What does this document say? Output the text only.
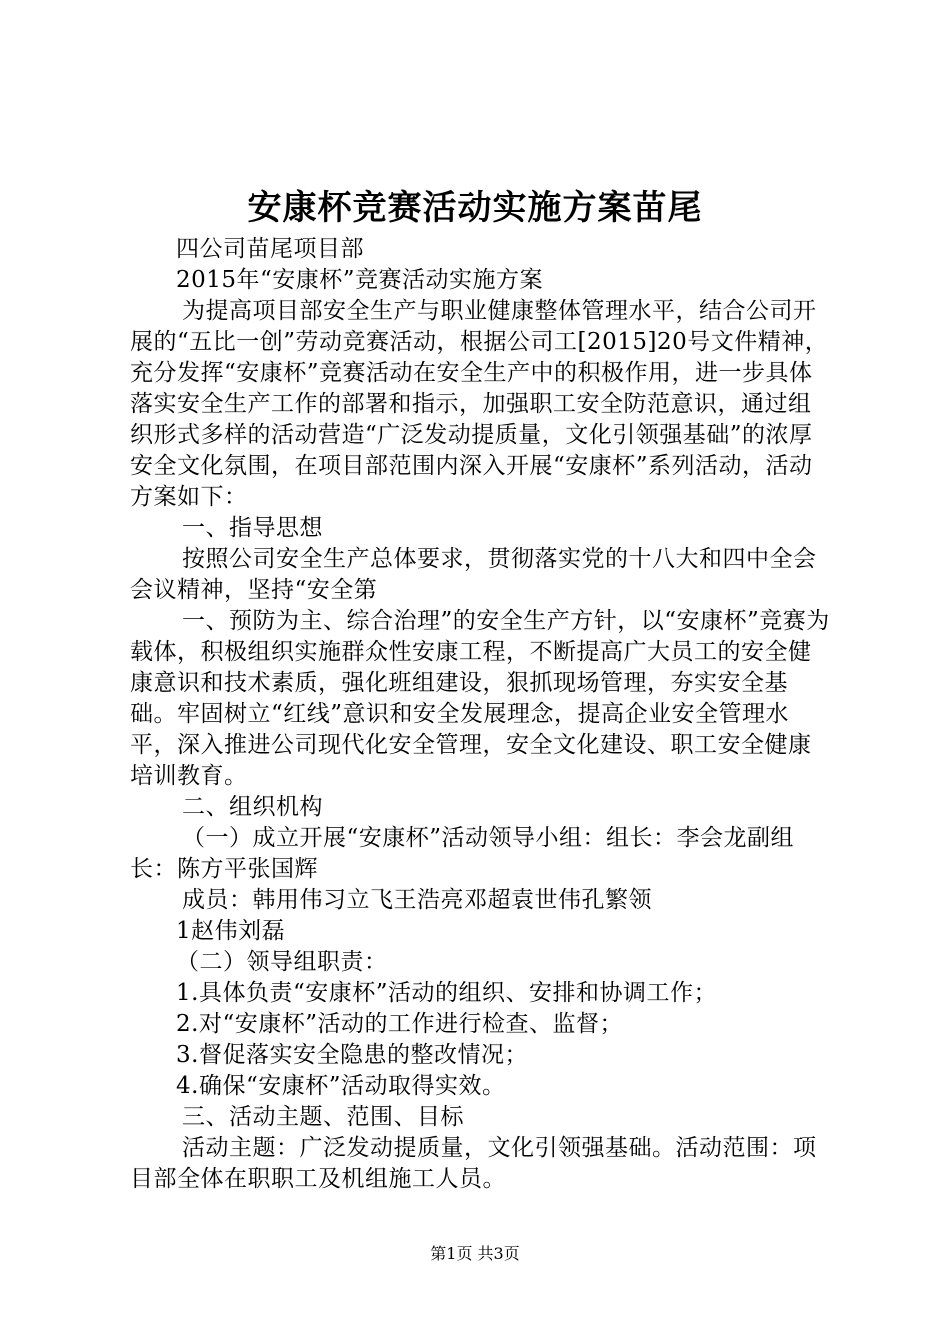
安康杯竞赛活动实施方案苗尾

四公司苗尾项目部

2015年“安康杯”竞赛活动实施方案

为提高项目部安全生产与职业健康整体管理水平，结合公司开展的“五比一创”劳动竞赛活动，根据公司工[2015]20号文件精神，充分发挥“安康杯”竞赛活动在安全生产中的积极作用，进一步具体落实安全生产工作的部署和指示，加强职工安全防范意识，通过组织形式多样的活动营造“广泛发动提质量，文化引领强基础”的浓厚安全文化氛围，在项目部范围内深入开展“安康杯”系列活动，活动方案如下：

一、指导思想

按照公司安全生产总体要求，贯彻落实党的十八大和四中全会会议精神，坚持“安全第

一、预防为主、综合治理”的安全生产方针，以“安康杯”竞赛为载体，积极组织实施群众性安康工程，不断提高广大员工的安全健康意识和技术素质，强化班组建设，狠抓现场管理，夯实安全基础。牢固树立“红线”意识和安全发展理念，提高企业安全管理水平，深入推进公司现代化安全管理，安全文化建设、职工安全健康培训教育。

二、组织机构

（一）成立开展“安康杯”活动领导小组：组长：李会龙副组长：陈方平张国辉

成员：韩用伟习立飞王浩亮邓超袁世伟孔繁领

1赵伟刘磊

（二）领导组职责：

1.具体负责“安康杯”活动的组织、安排和协调工作；

2.对“安康杯”活动的工作进行检查、监督；

3.督促落实安全隐患的整改情况；

4.确保“安康杯”活动取得实效。

三、活动主题、范围、目标

活动主题：广泛发动提质量，文化引领强基础。活动范围：项目部全体在职职工及机组施工人员。

第1页 共3页
